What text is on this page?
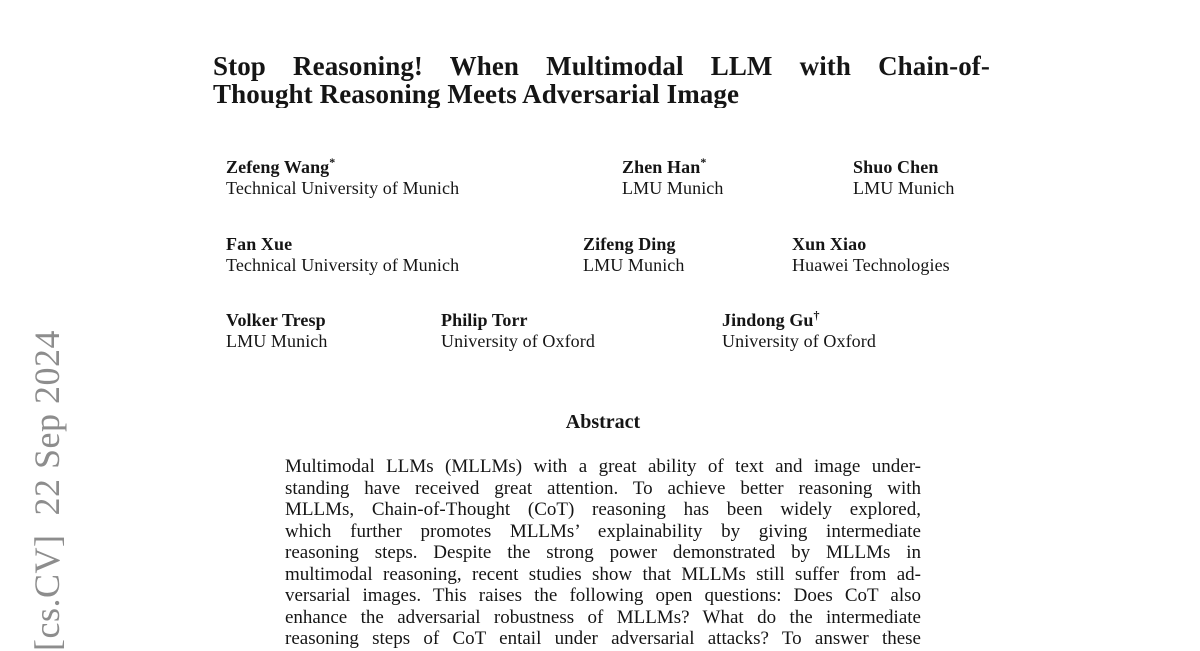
[cs.CV]  22 Sep 2024
Stop Reasoning! When Multimodal LLM with Chain-of-
Thought Reasoning Meets Adversarial Image
Zefeng Wang*
Technical University of Munich
Zhen Han*
LMU Munich
Shuo Chen
LMU Munich
Fan Xue
Technical University of Munich
Zifeng Ding
LMU Munich
Xun Xiao
Huawei Technologies
Volker Tresp
LMU Munich
Philip Torr
University of Oxford
Jindong Gu†
University of Oxford
Abstract
Multimodal LLMs (MLLMs) with a great ability of text and image under-
standing have received great attention. To achieve better reasoning with
MLLMs, Chain-of-Thought (CoT) reasoning has been widely explored,
which further promotes MLLMs’ explainability by giving intermediate
reasoning steps. Despite the strong power demonstrated by MLLMs in
multimodal reasoning, recent studies show that MLLMs still suffer from ad-
versarial images. This raises the following open questions: Does CoT also
enhance the adversarial robustness of MLLMs? What do the intermediate
reasoning steps of CoT entail under adversarial attacks? To answer these
